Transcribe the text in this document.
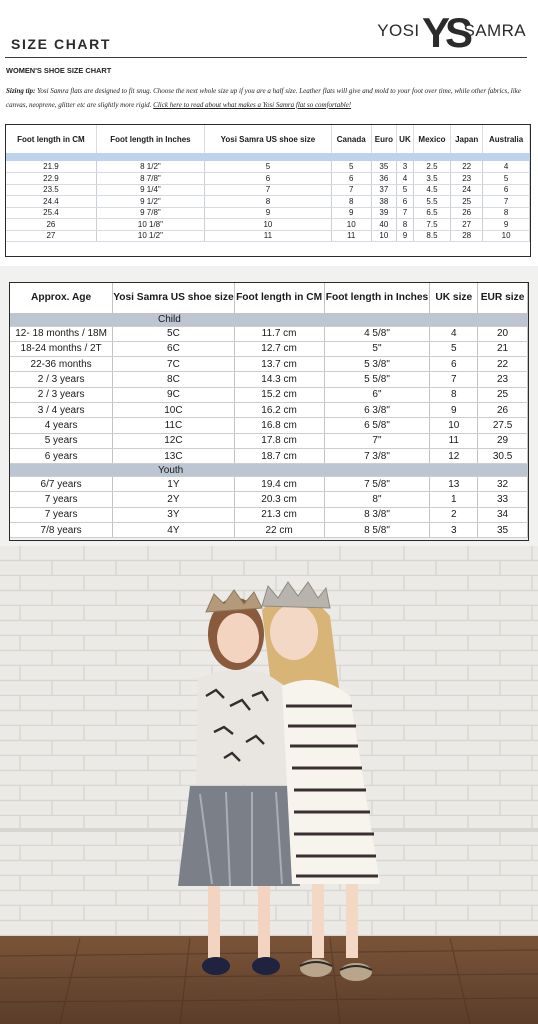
SIZE CHART
YOSI YS
SAMRA
WOMEN'S SHOE SIZE CHART
Sizing tip: Yosi Samra flats are designed to fit snug. Choose the next whole size up if you are a half size. Leather flats will give and mold to your foot over time, while other fabrics, like canvas, neoprene, glitter etc are slightly more rigid. Click here to read about what makes a Yosi Samra flat so comfortable!
Foot length in CM	Foot length in Inches	Yosi Samra US shoe size	Canada	Euro	UK	Mexico	Japan	Australia

21.9	8 1/2"	5	5	35	3	2.5	22	4
22.9	8 7/8"	6	6	36	4	3.5	23	5
23.5	9 1/4"	7	7	37	5	4.5	24	6
24.4	9 1/2"	8	8	38	6	5.5	25	7
25.4	9 7/8"	9	9	39	7	6.5	26	8
26	10 1/8"	10	10	40	8	7.5	27	9
27	10 1/2"	11	11	10	9	8.5	28	10
Approx. Age	Yosi Samra US shoe size	Foot length in CM	Foot length in Inches	UK size	EUR size
Child					
12- 18 months / 18M	5C	11.7 cm	4 5/8"	4	20
18-24 months / 2T	6C	12.7 cm	5"	5	21
22-36 months	7C	13.7 cm	5 3/8"	6	22
2 / 3 years	8C	14.3 cm	5 5/8"	7	23
2 / 3 years	9C	15.2 cm	6"	8	25
3 / 4 years	10C	16.2 cm	6 3/8"	9	26
4 years	11C	16.8 cm	6 5/8"	10	27.5
5 years	12C	17.8 cm	7"	11	29
6 years	13C	18.7 cm	7 3/8"	12	30.5
Youth					
6/7 years	1Y	19.4 cm	7 5/8"	13	32
7 years	2Y	20.3 cm	8"	1	33
7 years	3Y	21.3 cm	8 3/8"	2	34
7/8 years	4Y	22 cm	8 5/8"	3	35
